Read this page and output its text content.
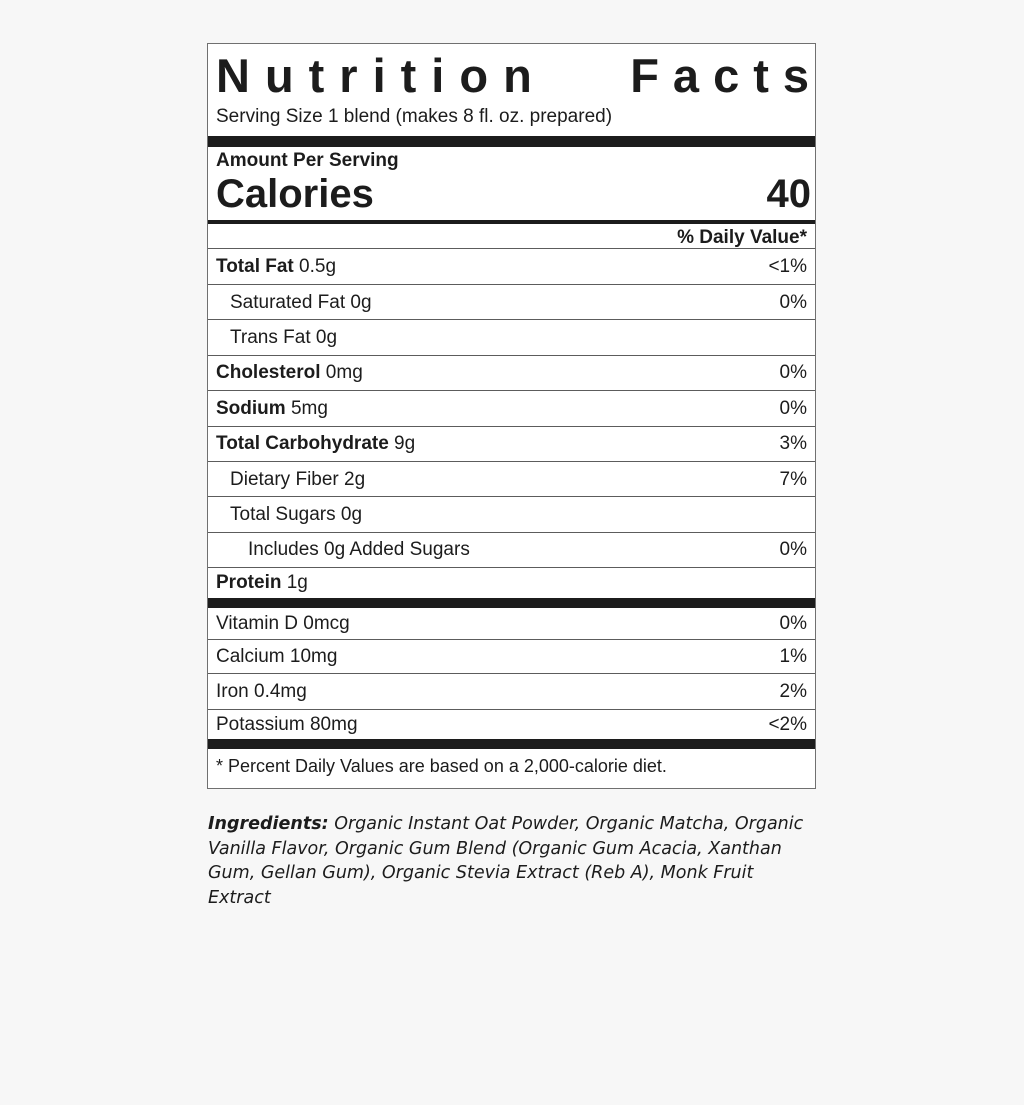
Nutrition Facts
Serving Size 1 blend (makes 8 fl. oz. prepared)
Amount Per Serving
Calories	40
% Daily Value*
Total Fat 0.5g	<1%
Saturated Fat 0g	0%
Trans Fat 0g
Cholesterol 0mg	0%
Sodium 5mg	0%
Total Carbohydrate 9g	3%
Dietary Fiber 2g	7%
Total Sugars 0g
Includes 0g Added Sugars	0%
Protein 1g
Vitamin D 0mcg	0%
Calcium 10mg	1%
Iron 0.4mg	2%
Potassium 80mg	<2%
* Percent Daily Values are based on a 2,000-calorie diet.
Ingredients: Organic Instant Oat Powder, Organic Matcha, Organic Vanilla Flavor, Organic Gum Blend (Organic Gum Acacia, Xanthan Gum, Gellan Gum), Organic Stevia Extract (Reb A), Monk Fruit Extract
